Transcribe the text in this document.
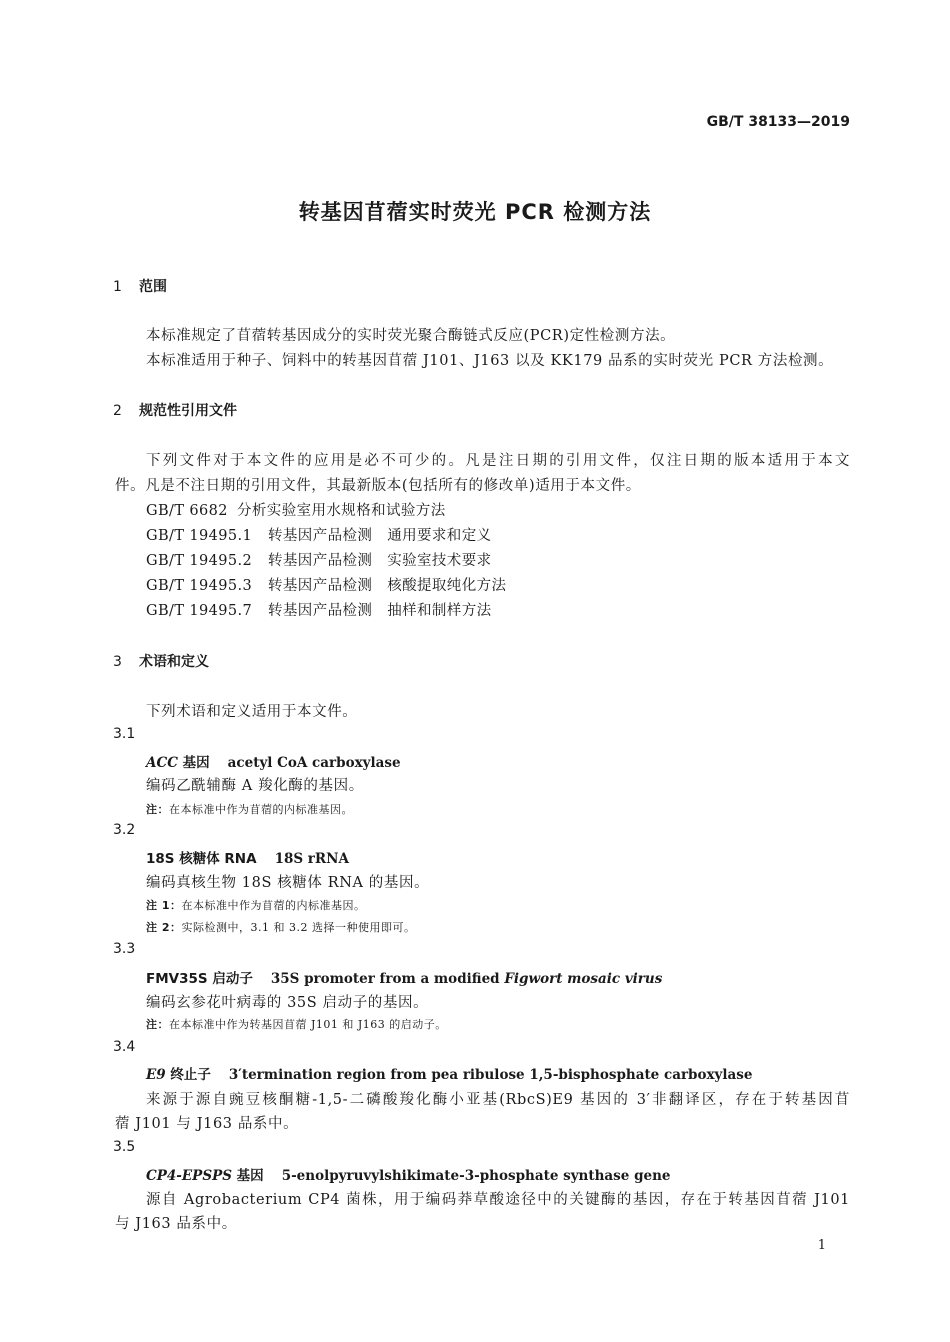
GB/T 38133—2019
转基因苜蓿实时荧光 PCR 检测方法
1 范围
本标准规定了苜蓿转基因成分的实时荧光聚合酶链式反应(PCR)定性检测方法。
本标准适用于种子、饲料中的转基因苜蓿 J101、J163 以及 KK179 品系的实时荧光 PCR 方法检测。
2 规范性引用文件
下列文件对于本文件的应用是必不可少的。凡是注日期的引用文件，仅注日期的版本适用于本文
件。凡是不注日期的引用文件，其最新版本(包括所有的修改单)适用于本文件。
GB/T 6682 分析实验室用水规格和试验方法
GB/T 19495.1 转基因产品检测　通用要求和定义
GB/T 19495.2 转基因产品检测　实验室技术要求
GB/T 19495.3 转基因产品检测　核酸提取纯化方法
GB/T 19495.7 转基因产品检测　抽样和制样方法
3 术语和定义
下列术语和定义适用于本文件。
3.1
ACC 基因 acetyl CoA carboxylase
编码乙酰辅酶 A 羧化酶的基因。
注：在本标准中作为苜蓿的内标准基因。
3.2
18S 核糖体 RNA 18S rRNA
编码真核生物 18S 核糖体 RNA 的基因。
注 1：在本标准中作为苜蓿的内标准基因。
注 2：实际检测中，3.1 和 3.2 选择一种使用即可。
3.3
FMV35S 启动子 35S promoter from a modified Figwort mosaic virus
编码玄参花叶病毒的 35S 启动子的基因。
注：在本标准中作为转基因苜蓿 J101 和 J163 的启动子。
3.4
E9 终止子 3′termination region from pea ribulose 1,5-bisphosphate carboxylase
来源于源自豌豆核酮糖-1,5-二磷酸羧化酶小亚基(RbcS)E9 基因的 3′非翻译区，存在于转基因苜
蓿 J101 与 J163 品系中。
3.5
CP4-EPSPS 基因 5-enolpyruvylshikimate-3-phosphate synthase gene
源自 Agrobacterium CP4 菌株，用于编码莽草酸途径中的关键酶的基因，存在于转基因苜蓿 J101
与 J163 品系中。
1
